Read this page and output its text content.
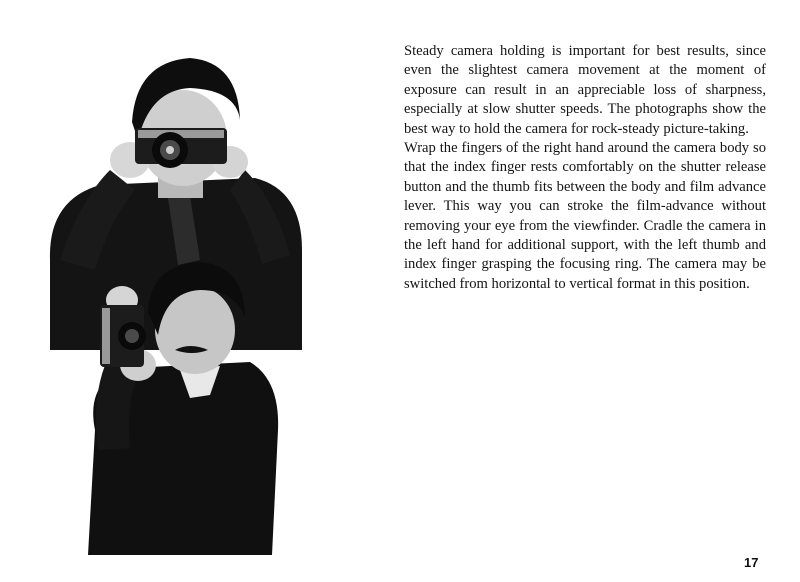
Steady camera holding is important for best results, since even the slightest camera movement at the moment of exposure can result in an appreciable loss of sharpness, especially at slow shutter speeds. The photographs show the best way to hold the camera for rock-steady picture-taking.

Wrap the fingers of the right hand around the camera body so that the index finger rests comfortably on the shutter release button and the thumb fits between the body and film advance lever. This way you can stroke the film-advance without removing your eye from the viewfinder. Cradle the camera in the left hand for additional support, with the left thumb and index finger grasping the focusing ring. The camera may be switched from horizontal to vertical format in this position.

17
